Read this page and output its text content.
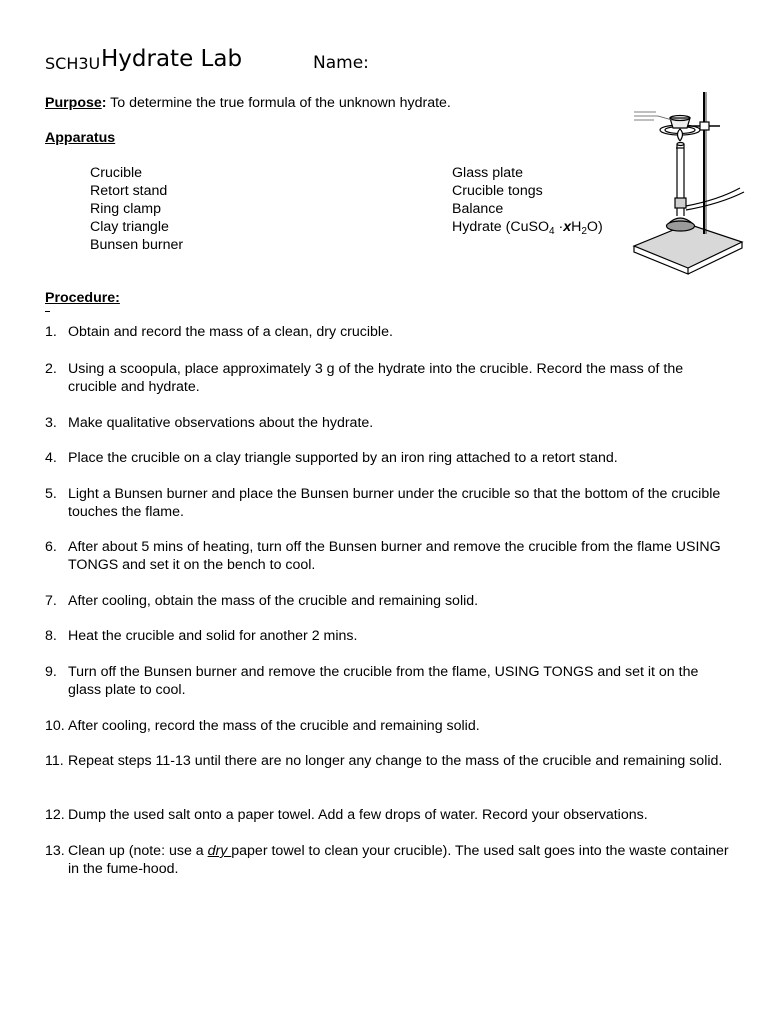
SCH3U Hydrate Lab	Name:
Purpose: To determine the true formula of the unknown hydrate.
Apparatus
Crucible
Retort stand
Ring clamp
Clay triangle
Bunsen burner
Glass plate
Crucible tongs
Balance
Hydrate (CuSO$_4$ $\cdot xH_2O$)
Procedure:
1. Obtain and record the mass of a clean, dry crucible.
2. Using a scoopula, place approximately 3 g of the hydrate into the crucible. Record the mass of the crucible and hydrate.
3. Make qualitative observations about the hydrate.
4. Place the crucible on a clay triangle supported by an iron ring attached to a retort stand.
5. Light a Bunsen burner and place the Bunsen burner under the crucible so that the bottom of the crucible touches the flame.
6. After about 5 mins of heating, turn off the Bunsen burner and remove the crucible from the flame USING TONGS and set it on the bench to cool.
7. After cooling, obtain the mass of the crucible and remaining solid.
8. Heat the crucible and solid for another 2 mins.
9. Turn off the Bunsen burner and remove the crucible from the flame, USING TONGS and set it on the glass plate to cool.
10. After cooling, record the mass of the crucible and remaining solid.
11. Repeat steps 11-13 until there are no longer any change to the mass of the crucible and remaining solid.
12. Dump the used salt onto a paper towel. Add a few drops of water. Record your observations.
13. Clean up (note: use a dry paper towel to clean your crucible). The used salt goes into the waste container in the fume-hood.
